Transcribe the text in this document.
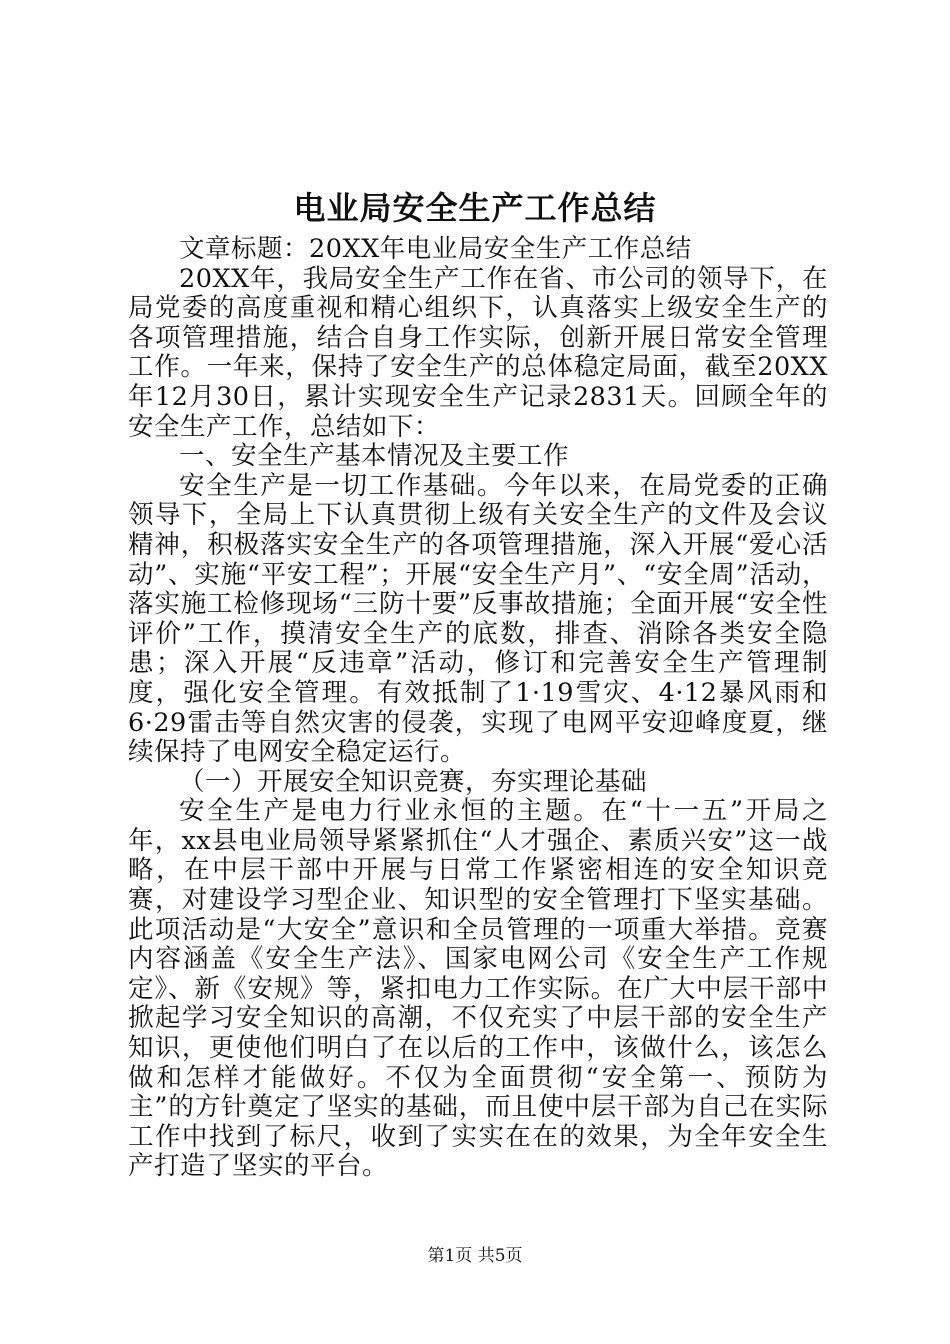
电业局安全生产工作总结

文章标题：20XX年电业局安全生产工作总结

20XX年，我局安全生产工作在省、市公司的领导下，在局党委的高度重视和精心组织下，认真落实上级安全生产的各项管理措施，结合自身工作实际，创新开展日常安全管理工作。一年来，保持了安全生产的总体稳定局面，截至20XX年12月30日，累计实现安全生产记录2831天。回顾全年的安全生产工作，总结如下：

一、安全生产基本情况及主要工作

安全生产是一切工作基础。今年以来，在局党委的正确领导下，全局上下认真贯彻上级有关安全生产的文件及会议精神，积极落实安全生产的各项管理措施，深入开展“爱心活动”、实施“平安工程”；开展“安全生产月”、“安全周”活动，落实施工检修现场“三防十要”反事故措施；全面开展“安全性评价”工作，摸清安全生产的底数，排查、消除各类安全隐患；深入开展“反违章”活动，修订和完善安全生产管理制度，强化安全管理。有效抵制了1·19雪灾、4·12暴风雨和6·29雷击等自然灾害的侵袭，实现了电网平安迎峰度夏，继续保持了电网安全稳定运行。

（一）开展安全知识竞赛，夯实理论基础

安全生产是电力行业永恒的主题。在“十一五”开局之年，xx县电业局领导紧紧抓住“人才强企、素质兴安”这一战略，在中层干部中开展与日常工作紧密相连的安全知识竞赛，对建设学习型企业、知识型的安全管理打下坚实基础。此项活动是“大安全”意识和全员管理的一项重大举措。竞赛内容涵盖《安全生产法》、国家电网公司《安全生产工作规定》、新《安规》等，紧扣电力工作实际。在广大中层干部中掀起学习安全知识的高潮，不仅充实了中层干部的安全生产知识，更使他们明白了在以后的工作中，该做什么，该怎么做和怎样才能做好。不仅为全面贯彻“安全第一、预防为主”的方针奠定了坚实的基础，而且使中层干部为自己在实际工作中找到了标尺，收到了实实在在的效果，为全年安全生产打造了坚实的平台。

第1页 共5页
